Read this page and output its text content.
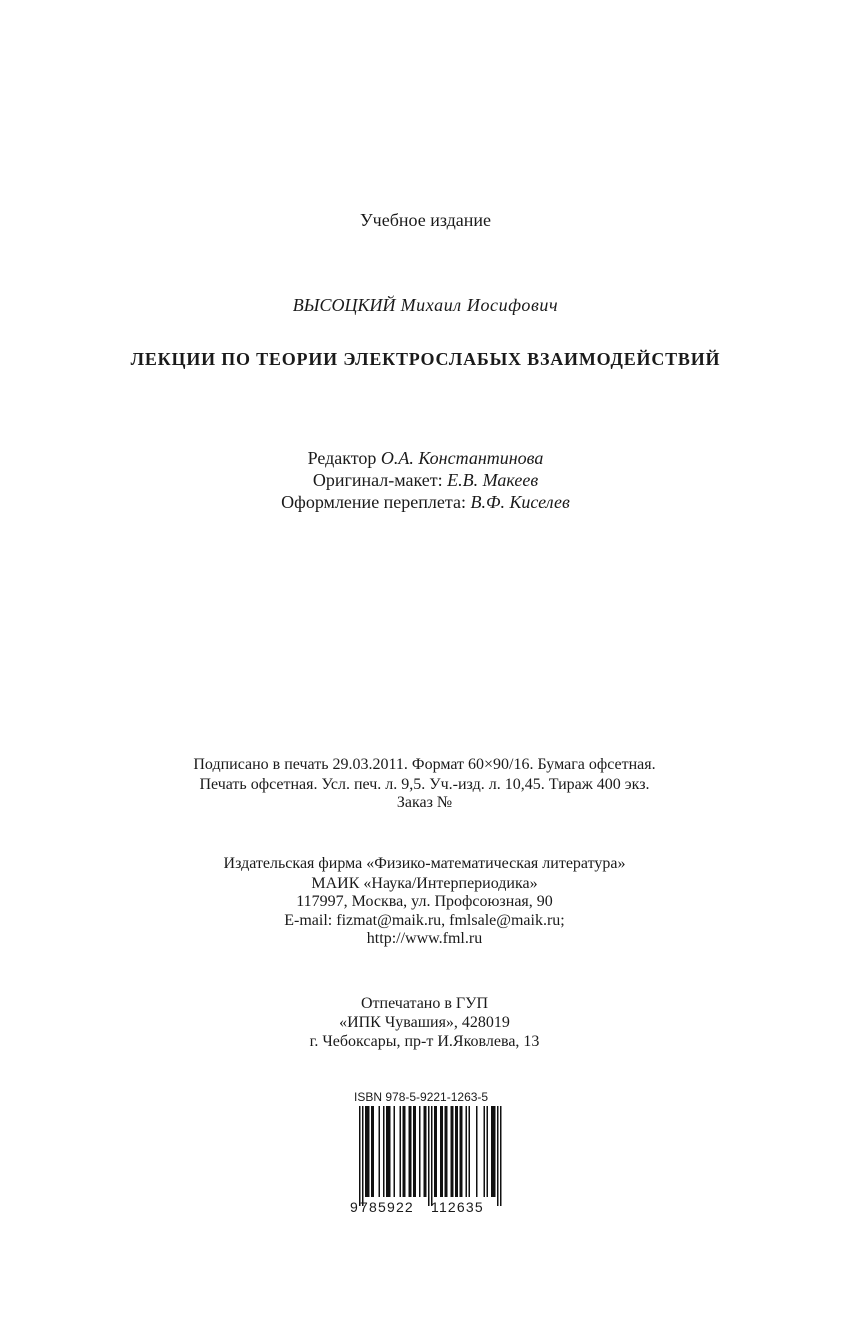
Учебное издание
ВЫСОЦКИЙ Михаил Иосифович
ЛЕКЦИИ ПО ТЕОРИИ ЭЛЕКТРОСЛАБЫХ ВЗАИМОДЕЙСТВИЙ
Редактор О.А. Константинова
Оригинал-макет: Е.В. Макеев
Оформление переплета: В.Ф. Киселев
Подписано в печать 29.03.2011. Формат 60×90/16. Бумага офсетная.
Печать офсетная. Усл. печ. л. 9,5. Уч.-изд. л. 10,45. Тираж 400 экз.
Заказ №
Издательская фирма «Физико-математическая литература»
МАИК «Наука/Интерпериодика»
117997, Москва, ул. Профсоюзная, 90
E-mail: fizmat@maik.ru, fmlsale@maik.ru;
http://www.fml.ru
Отпечатано в ГУП
«ИПК Чувашия», 428019
г. Чебоксары, пр-т И.Яковлева, 13
ISBN 978-5-9221-1263-5
9 785922 112635
